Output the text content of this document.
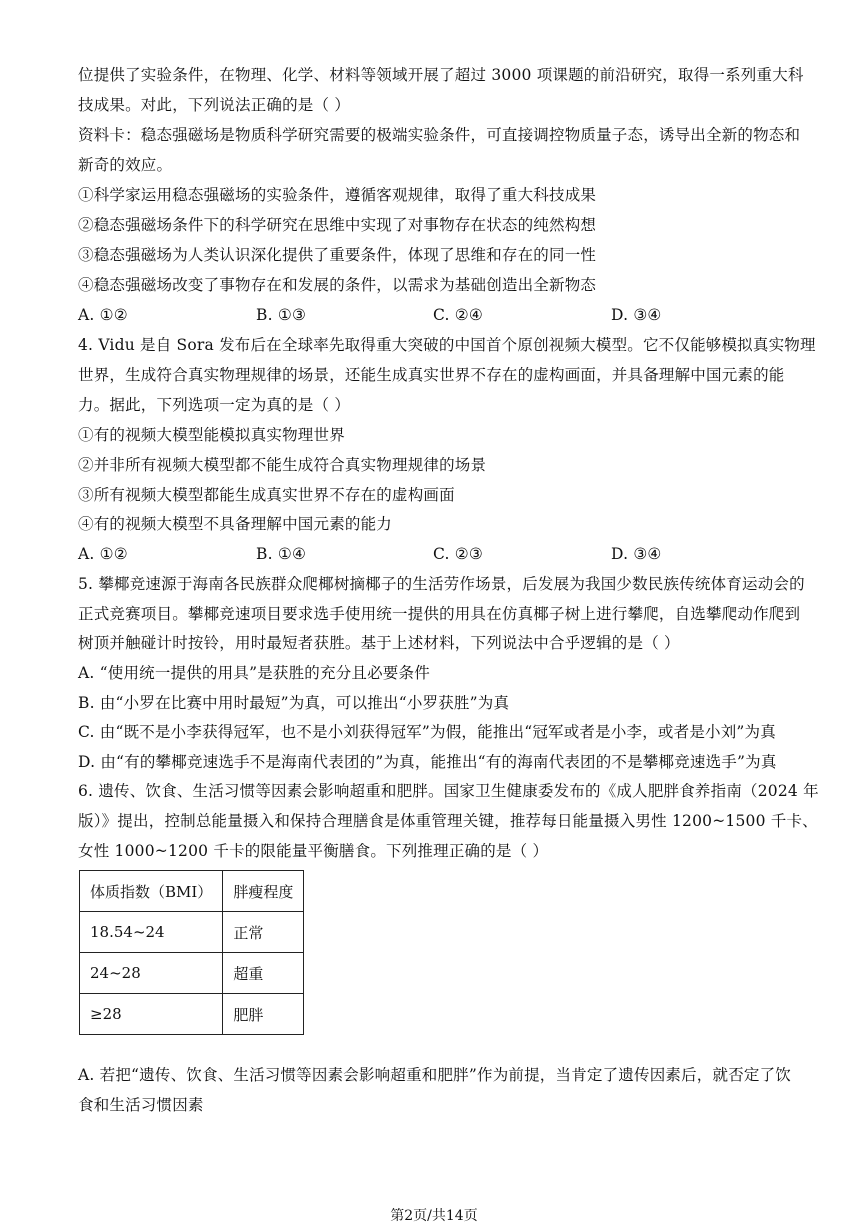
位提供了实验条件，在物理、化学、材料等领域开展了超过 3000 项课题的前沿研究，取得一系列重大科
技成果。对此，下列说法正确的是（ ）
资料卡：稳态强磁场是物质科学研究需要的极端实验条件，可直接调控物质量子态，诱导出全新的物态和
新奇的效应。
①科学家运用稳态强磁场的实验条件，遵循客观规律，取得了重大科技成果
②稳态强磁场条件下的科学研究在思维中实现了对事物存在状态的纯然构想
③稳态强磁场为人类认识深化提供了重要条件，体现了思维和存在的同一性
④稳态强磁场改变了事物存在和发展的条件，以需求为基础创造出全新物态
A. ①②	B. ①③	C. ②④	D. ③④
4. Vidu 是自 Sora 发布后在全球率先取得重大突破的中国首个原创视频大模型。它不仅能够模拟真实物理
世界，生成符合真实物理规律的场景，还能生成真实世界不存在的虚构画面，并具备理解中国元素的能
力。据此，下列选项一定为真的是（ ）
①有的视频大模型能模拟真实物理世界
②并非所有视频大模型都不能生成符合真实物理规律的场景
③所有视频大模型都能生成真实世界不存在的虚构画面
④有的视频大模型不具备理解中国元素的能力
A. ①②	B. ①④	C. ②③	D. ③④
5. 攀椰竞速源于海南各民族群众爬椰树摘椰子的生活劳作场景，后发展为我国少数民族传统体育运动会的
正式竞赛项目。攀椰竞速项目要求选手使用统一提供的用具在仿真椰子树上进行攀爬，自选攀爬动作爬到
树顶并触碰计时按铃，用时最短者获胜。基于上述材料，下列说法中合乎逻辑的是（ ）
A. “使用统一提供的用具”是获胜的充分且必要条件
B. 由“小罗在比赛中用时最短”为真，可以推出“小罗获胜”为真
C. 由“既不是小李获得冠军，也不是小刘获得冠军”为假，能推出“冠军或者是小李，或者是小刘”为真
D. 由“有的攀椰竞速选手不是海南代表团的”为真，能推出“有的海南代表团的不是攀椰竞速选手”为真
6. 遗传、饮食、生活习惯等因素会影响超重和肥胖。国家卫生健康委发布的《成人肥胖食养指南（2024 年
版）》提出，控制总能量摄入和保持合理膳食是体重管理关键，推荐每日能量摄入男性 1200~1500 千卡、
女性 1000~1200 千卡的限能量平衡膳食。下列推理正确的是（ ）
体质指数（BMI）	胖瘦程度
18.54~24	正常
24~28	超重
≥28	肥胖
A. 若把“遗传、饮食、生活习惯等因素会影响超重和肥胖”作为前提，当肯定了遗传因素后，就否定了饮
食和生活习惯因素
第2页/共14页
